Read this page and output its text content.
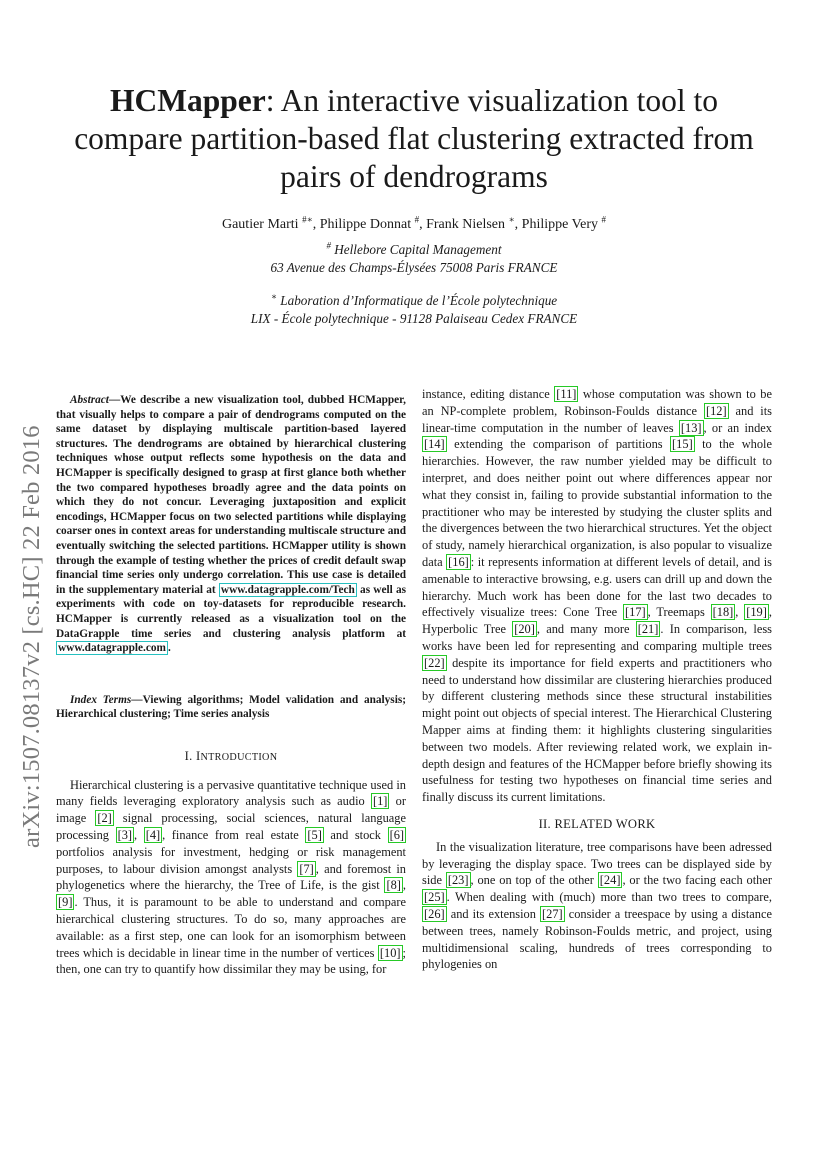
HCMapper: An interactive visualization tool to compare partition-based flat clustering extracted from pairs of dendrograms
Gautier Marti #∗, Philippe Donnat #, Frank Nielsen ∗, Philippe Very #
# Hellebore Capital Management
63 Avenue des Champs-Élysées 75008 Paris FRANCE
∗ Laboration d’Informatique de l’École polytechnique
LIX - École polytechnique - 91128 Palaiseau Cedex FRANCE
arXiv:1507.08137v2 [cs.HC] 22 Feb 2016

Abstract—We describe a new visualization tool, dubbed HCMapper, that visually helps to compare a pair of dendrograms computed on the same dataset by displaying multiscale partition-based layered structures. The dendrograms are obtained by hierarchical clustering techniques whose output reflects some hypothesis on the data and HCMapper is specifically designed to grasp at first glance both whether the two compared hypotheses broadly agree and the data points on which they do not concur. Leveraging juxtaposition and explicit encodings, HCMapper focus on two selected partitions while displaying coarser ones in context areas for understanding multiscale structure and eventually switching the selected partitions. HCMapper utility is shown through the example of testing whether the prices of credit default swap financial time series only undergo correlation. This use case is detailed in the supplementary material at www.datagrapple.com/Tech as well as experiments with code on toy-datasets for reproducible research. HCMapper is currently released as a visualization tool on the DataGrapple time series and clustering analysis platform at www.datagrapple.com .

Index Terms—Viewing algorithms; Model validation and analysis; Hierarchical clustering; Time series analysis

I. INTRODUCTION

Hierarchical clustering is a pervasive quantitative technique used in many fields leveraging exploratory analysis such as audio [1] or image [2] signal processing, social sciences, natural language processing [3] , [4] , finance from real estate [5] and stock [6] portfolios analysis for investment, hedging or risk management purposes, to labour division amongst analysts [7] , and foremost in phylogenetics where the hierarchy, the Tree of Life, is the gist [8] , [9] . Thus, it is paramount to be able to understand and compare hierarchical clustering structures. To do so, many approaches are available: as a first step, one can look for an isomorphism between trees which is decidable in linear time in the number of vertices [10] ; then, one can try to quantify how dissimilar they may be using, for

instance, editing distance [11] whose computation was shown to be an NP-complete problem, Robinson-Foulds distance [12] and its linear-time computation in the number of leaves [13] , or an index [14] extending the comparison of partitions [15] to the whole hierarchies. However, the raw number yielded may be difficult to interpret, and does neither point out where differences appear nor what they consist in, failing to provide substantial information to the practitioner who may be interested by studying the cluster splits and the divergences between the two hierarchical structures. Yet the object of study, namely hierarchical organization, is also popular to visualize data [16] : it represents information at different levels of detail, and is amenable to interactive browsing, e.g. users can drill up and down the hierarchy. Much work has been done for the last two decades to effectively visualize trees: Cone Tree [17] , Treemaps [18] , [19] , Hyperbolic Tree [20] , and many more [21] . In comparison, less works have been led for representing and comparing multiple trees [22] despite its importance for field experts and practitioners who need to understand how dissimilar are clustering hierarchies produced by different clustering methods since these structural instabilities might point out objects of special interest. The Hierarchical Clustering Mapper aims at finding them: it highlights clustering singularities between two models. After reviewing related work, we explain in-depth design and features of the HCMapper before briefly showing its usefulness for testing two hypotheses on financial time series and finally discuss its current limitations.

II. RELATED WORK

In the visualization literature, tree comparisons have been adressed by leveraging the display space. Two trees can be displayed side by side [23] , one on top of the other [24] , or the two facing each other [25] . When dealing with (much) more than two trees to compare, [26] and its extension [27] consider a treespace by using a distance between trees, namely Robinson-Foulds metric, and project, using multidimensional scaling, hundreds of trees corresponding to phylogenies on
